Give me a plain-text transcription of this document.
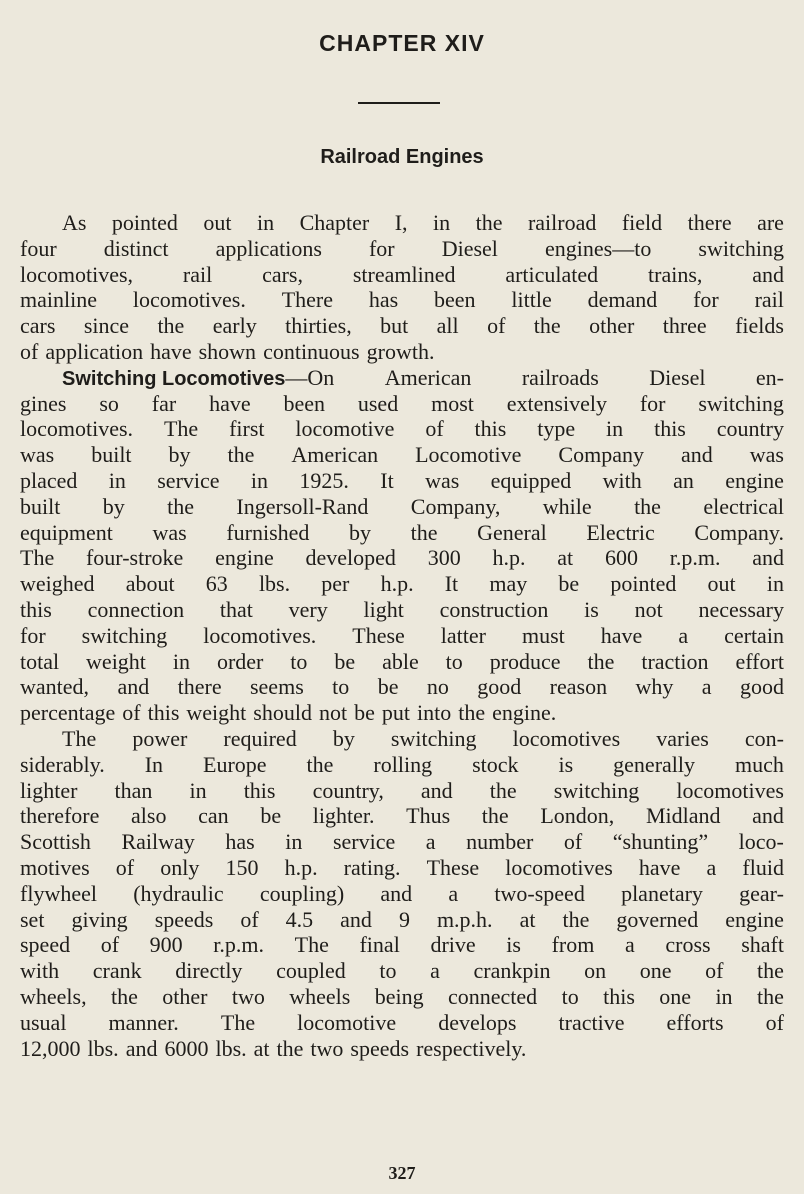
CHAPTER XIV
Railroad Engines
As pointed out in Chapter I, in the railroad field there are
four distinct applications for Diesel engines—to switching
locomotives, rail cars, streamlined articulated trains, and
mainline locomotives. There has been little demand for rail
cars since the early thirties, but all of the other three fields
of application have shown continuous growth.
Switching Locomotives—On American railroads Diesel en-
gines so far have been used most extensively for switching
locomotives. The first locomotive of this type in this country
was built by the American Locomotive Company and was
placed in service in 1925. It was equipped with an engine
built by the Ingersoll-Rand Company, while the electrical
equipment was furnished by the General Electric Company.
The four-stroke engine developed 300 h.p. at 600 r.p.m. and
weighed about 63 lbs. per h.p. It may be pointed out in
this connection that very light construction is not necessary
for switching locomotives. These latter must have a certain
total weight in order to be able to produce the traction effort
wanted, and there seems to be no good reason why a good
percentage of this weight should not be put into the engine.
The power required by switching locomotives varies con-
siderably. In Europe the rolling stock is generally much
lighter than in this country, and the switching locomotives
therefore also can be lighter. Thus the London, Midland and
Scottish Railway has in service a number of “shunting” loco-
motives of only 150 h.p. rating. These locomotives have a fluid
flywheel (hydraulic coupling) and a two-speed planetary gear-
set giving speeds of 4.5 and 9 m.p.h. at the governed engine
speed of 900 r.p.m. The final drive is from a cross shaft
with crank directly coupled to a crankpin on one of the
wheels, the other two wheels being connected to this one in the
usual manner. The locomotive develops tractive efforts of
12,000 lbs. and 6000 lbs. at the two speeds respectively.
327
